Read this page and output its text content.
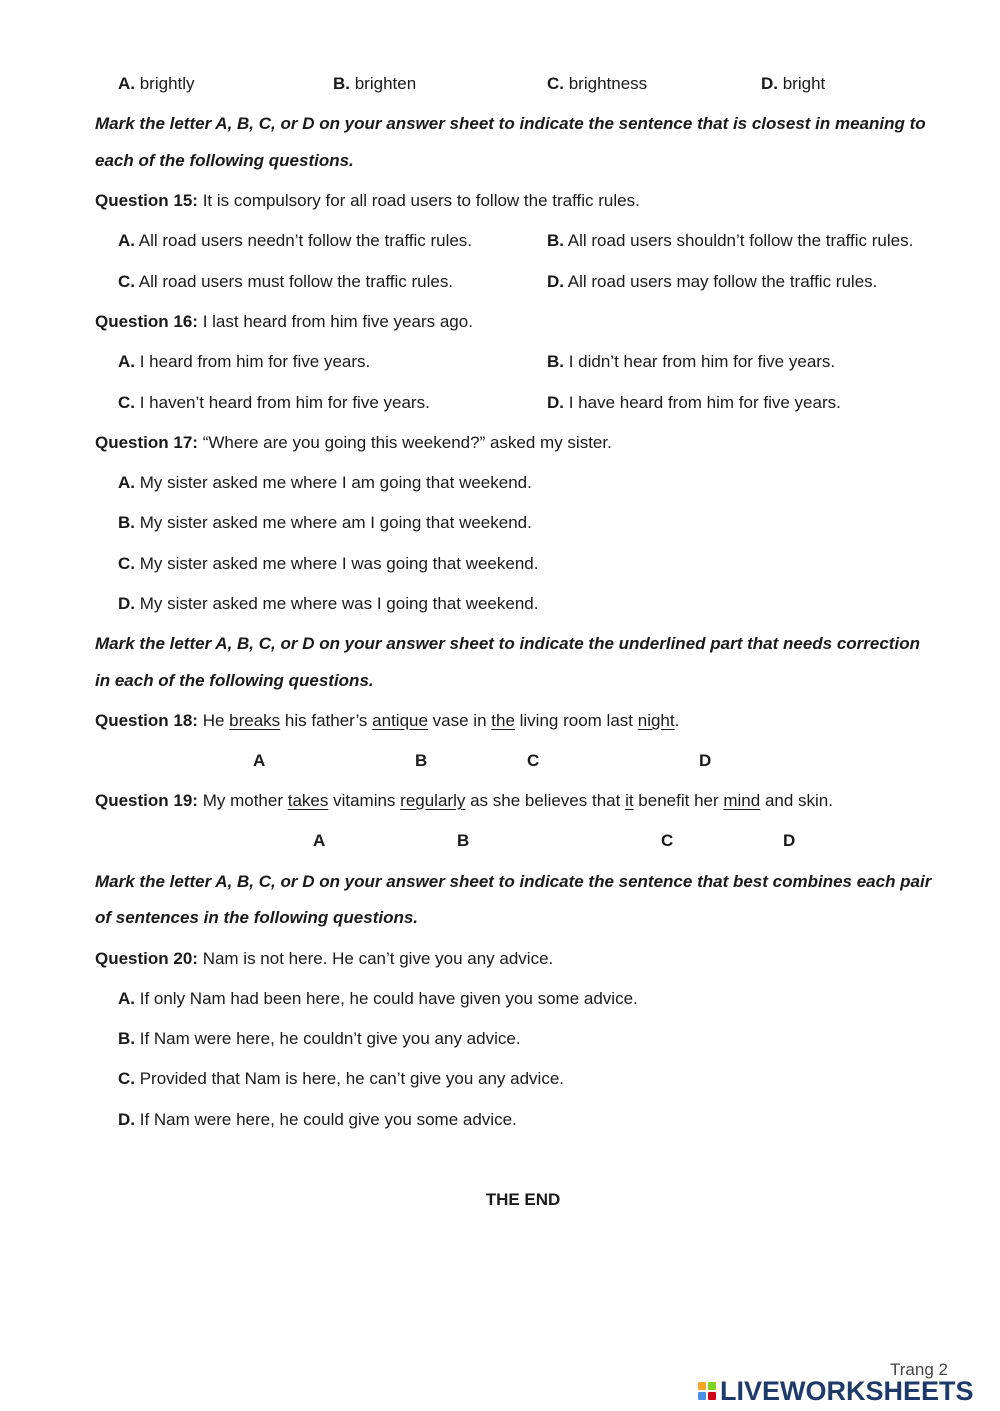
A. brightly	B. brighten	C. brightness	D. bright
Mark the letter A, B, C, or D on your answer sheet to indicate the sentence that is closest in meaning to
each of the following questions.
Question 15: It is compulsory for all road users to follow the traffic rules.
A. All road users needn’t follow the traffic rules.	B. All road users shouldn’t follow the traffic rules.
C. All road users must follow the traffic rules.	D. All road users may follow the traffic rules.
Question 16: I last heard from him five years ago.
A. I heard from him for five years.	B. I didn’t hear from him for five years.
C. I haven’t heard from him for five years.	D. I have heard from him for five years.
Question 17: “Where are you going this weekend?” asked my sister.
A. My sister asked me where I am going that weekend.
B. My sister asked me where am I going that weekend.
C. My sister asked me where I was going that weekend.
D. My sister asked me where was I going that weekend.
Mark the letter A, B, C, or D on your answer sheet to indicate the underlined part that needs correction
in each of the following questions.
Question 18: He breaks his father’s antique vase in the living room last night.
A	B	C	D
Question 19: My mother takes vitamins regularly as she believes that it benefit her mind and skin.
A	B	C	D
Mark the letter A, B, C, or D on your answer sheet to indicate the sentence that best combines each pair
of sentences in the following questions.
Question 20: Nam is not here. He can’t give you any advice.
A. If only Nam had been here, he could have given you some advice.
B. If Nam were here, he couldn’t give you any advice.
C. Provided that Nam is here, he can’t give you any advice.
D. If Nam were here, he could give you some advice.
THE END
Trang 2
LIVEWORKSHEETS
